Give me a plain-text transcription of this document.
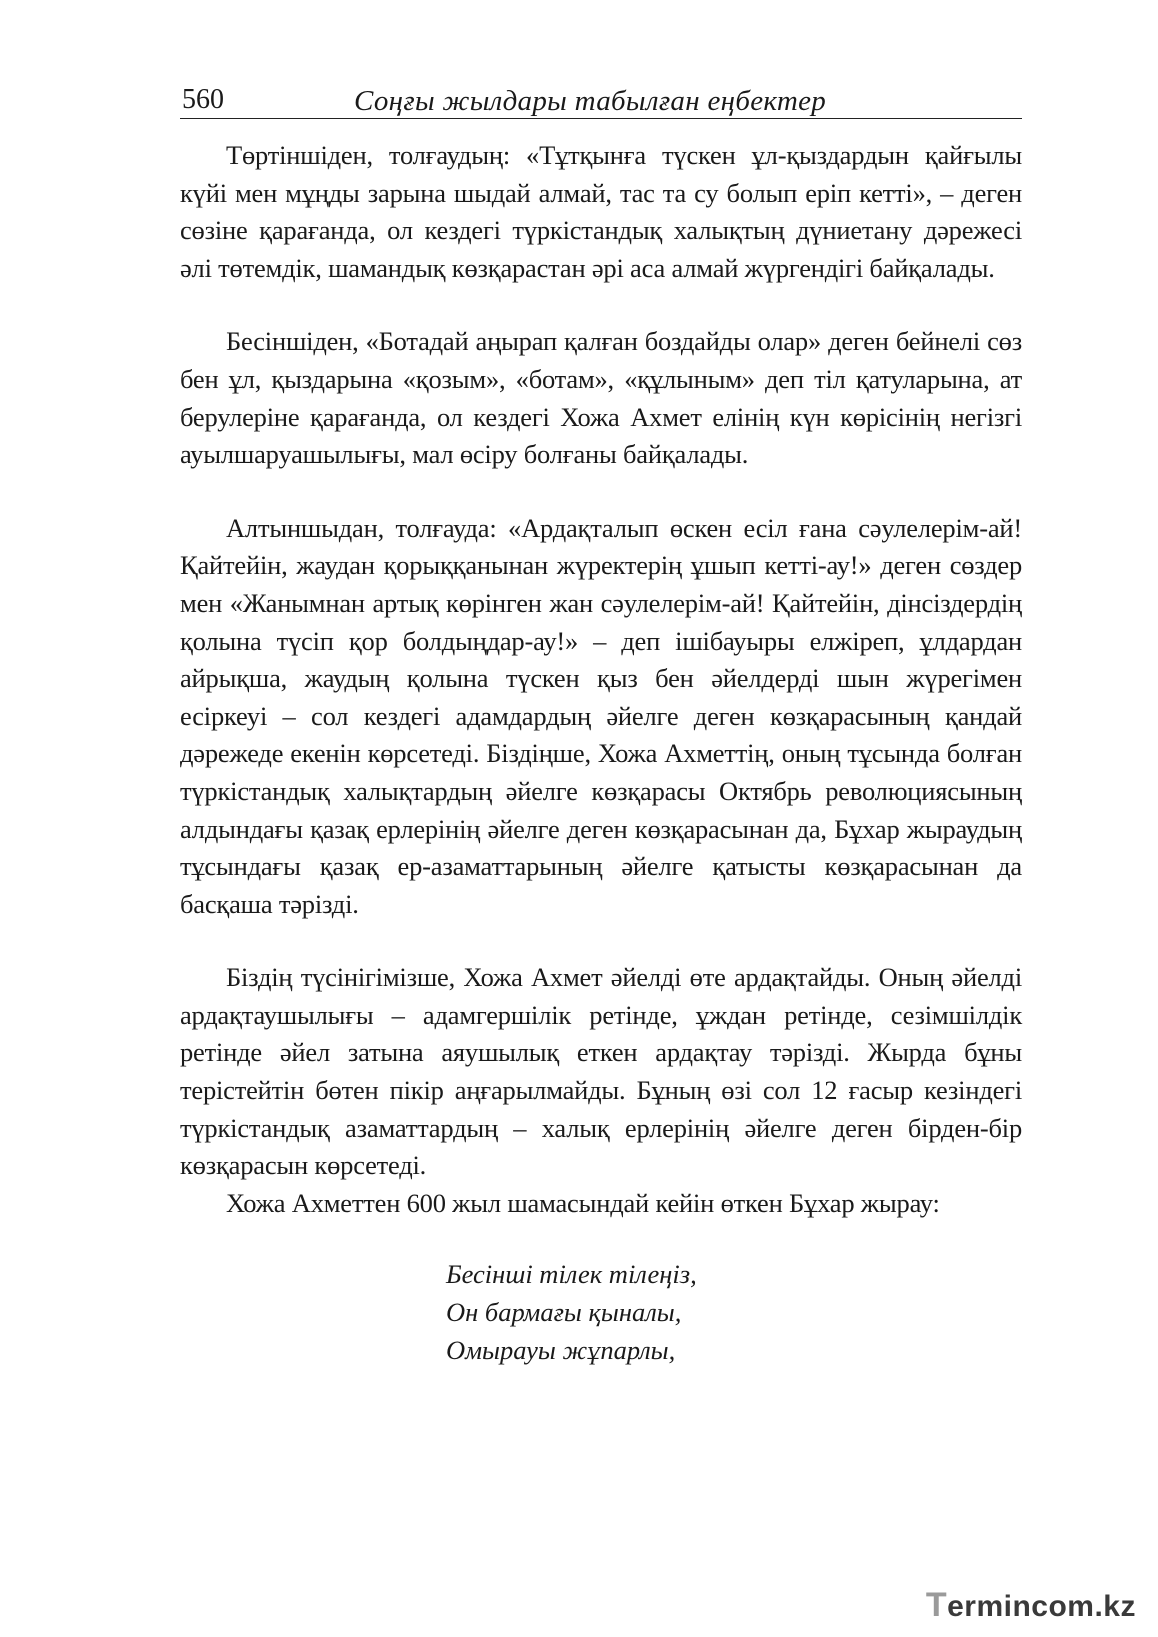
560	Соңғы жылдары табылған еңбектер

Төртіншіден, толғаудың: «Тұтқынға түскен ұл-қыздардын қайғылы күйі мен мұңды зарына шыдай алмай, тас та су болып еріп кетті», – деген сөзіне қарағанда, ол кездегі түркістандық халықтың дүниетану дәрежесі әлі төтемдік, шамандық көзқарастан әрі аса алмай жүргендігі байқалады.

Бесіншіден, «Ботадай аңырап қалған боздайды олар» деген бейнелі сөз бен ұл, қыздарына «қозым», «ботам», «құлыным» деп тіл қатуларына, ат берулеріне қарағанда, ол кездегі Хожа Ахмет елінің күн көрісінің негізгі ауылшаруашылығы, мал өсіру болғаны байқалады.

Алтыншыдан, толғауда: «Ардақталып өскен есіл ғана сәулелерім-ай! Қайтейін, жаудан қорыққанынан жүректерің ұшып кетті-ау!» деген сөздер мен «Жанымнан артық көрінген жан сәулелерім-ай! Қайтейін, дінсіздердің қолына түсіп қор болдыңдар-ау!» – деп ішібауыры елжіреп, ұлдардан айрықша, жаудың қолына түскен қыз бен әйелдерді шын жүрегімен есіркеуі – сол кездегі адамдардың әйелге деген көзқарасының қандай дәрежеде екенін көрсетеді. Біздіңше, Хожа Ахметтің, оның тұсында болған түркістандық халықтардың әйелге көзқарасы Октябрь революциясының алдындағы қазақ ерлерінің әйелге деген көзқарасынан да, Бұхар жыраудың тұсындағы қазақ ер-азаматтарының әйелге қатысты көзқарасынан да басқаша тәрізді.

Біздің түсінігімізше, Хожа Ахмет әйелді өте ардақтайды. Оның әйелді ардақтаушылығы – адамгершілік ретінде, ұждан ретінде, сезімшілдік ретінде әйел затына аяушылық еткен ардақтау тәрізді. Жырда бұны терістейтін бөтен пікір аңғарылмайды. Бұның өзі сол 12 ғасыр кезіндегі түркістандық азаматтардың – халық ерлерінің әйелге деген бірден-бір көзқарасын көрсетеді.

Хожа Ахметтен 600 жыл шамасындай кейін өткен Бұхар жырау:

Бесінші тілек тілеңіз,
Он бармағы қыналы,
Омырауы жұпарлы,
Termincom.kz
